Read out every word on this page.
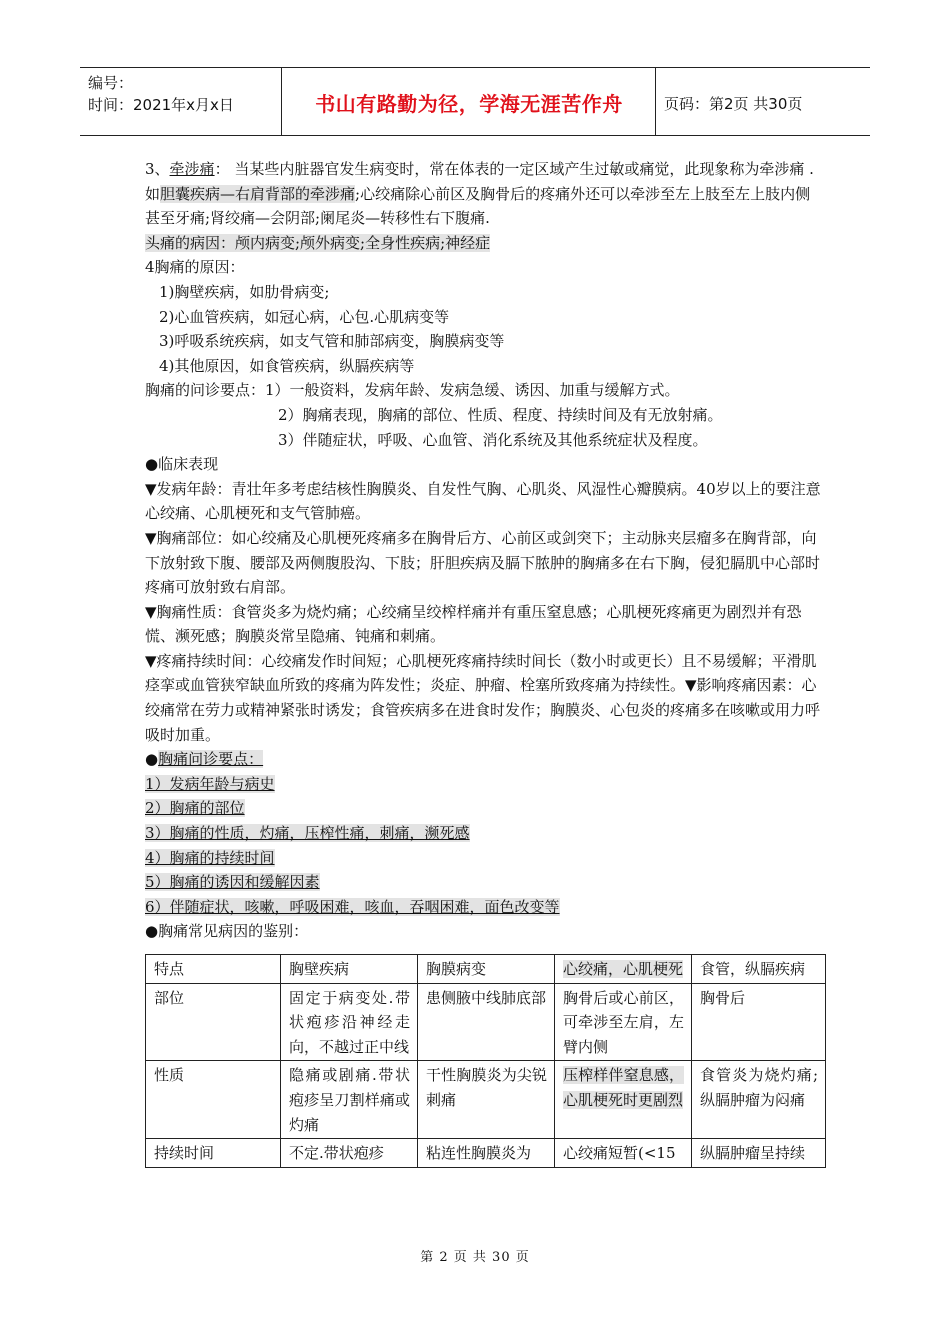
编号：
时间：2021年x月x日	书山有路勤为径，学海无涯苦作舟	页码：第2页 共30页

3、牵涉痛： 当某些内脏器官发生病变时，常在体表的一定区域产生过敏或痛觉，此现象称为牵涉痛 .如胆囊疾病—右肩背部的牵涉痛;心绞痛除心前区及胸骨后的疼痛外还可以牵涉至左上肢至左上肢内侧甚至牙痛;肾绞痛—会阴部;阑尾炎—转移性右下腹痛.

头痛的病因：颅内病变;颅外病变;全身性疾病;神经症

4胸痛的原因：

1)胸壁疾病，如肋骨病变;

2)心血管疾病，如冠心病，心包.心肌病变等

3)呼吸系统疾病，如支气管和肺部病变，胸膜病变等

4)其他原因，如食管疾病，纵膈疾病等

胸痛的问诊要点：1）一般资料，发病年龄、发病急缓、诱因、加重与缓解方式。

2）胸痛表现，胸痛的部位、性质、程度、持续时间及有无放射痛。

3）伴随症状，呼吸、心血管、消化系统及其他系统症状及程度。

●临床表现

▼发病年龄：青壮年多考虑结核性胸膜炎、自发性气胸、心肌炎、风湿性心瓣膜病。40岁以上的要注意心绞痛、心肌梗死和支气管肺癌。

▼胸痛部位：如心绞痛及心肌梗死疼痛多在胸骨后方、心前区或剑突下；主动脉夹层瘤多在胸背部，向下放射致下腹、腰部及两侧腹股沟、下肢；肝胆疾病及膈下脓肿的胸痛多在右下胸，侵犯膈肌中心部时疼痛可放射致右肩部。

▼胸痛性质：食管炎多为烧灼痛；心绞痛呈绞榨样痛并有重压窒息感；心肌梗死疼痛更为剧烈并有恐慌、濒死感；胸膜炎常呈隐痛、钝痛和刺痛。

▼疼痛持续时间：心绞痛发作时间短；心肌梗死疼痛持续时间长（数小时或更长）且不易缓解；平滑肌痉挛或血管狭窄缺血所致的疼痛为阵发性；炎症、肿瘤、栓塞所致疼痛为持续性。▼影响疼痛因素：心绞痛常在劳力或精神紧张时诱发；食管疾病多在进食时发作；胸膜炎、心包炎的疼痛多在咳嗽或用力呼吸时加重。

●胸痛问诊要点：

1）发病年龄与病史

2）胸痛的部位

3）胸痛的性质，灼痛，压榨性痛，刺痛，濒死感

4）胸痛的持续时间

5）胸痛的诱因和缓解因素

6）伴随症状，咳嗽，呼吸困难，咳血，吞咽困难，面色改变等

●胸痛常见病因的鉴别：

特点	胸壁疾病	胸膜病变	心绞痛，心肌梗死	食管，纵膈疾病
部位	固定于病变处.带状疱疹沿神经走向，不越过正中线	患侧腋中线肺底部	胸骨后或心前区，可牵涉至左肩，左臂内侧	胸骨后
性质	隐痛或剧痛.带状疱疹呈刀割样痛或灼痛	干性胸膜炎为尖锐刺痛	压榨样伴窒息感，心肌梗死时更剧烈	食管炎为烧灼痛;纵膈肿瘤为闷痛
持续时间	不定.带状疱疹	粘连性胸膜炎为	心绞痛短暂(<15	纵膈肿瘤呈持续
第 2 页 共 30 页
